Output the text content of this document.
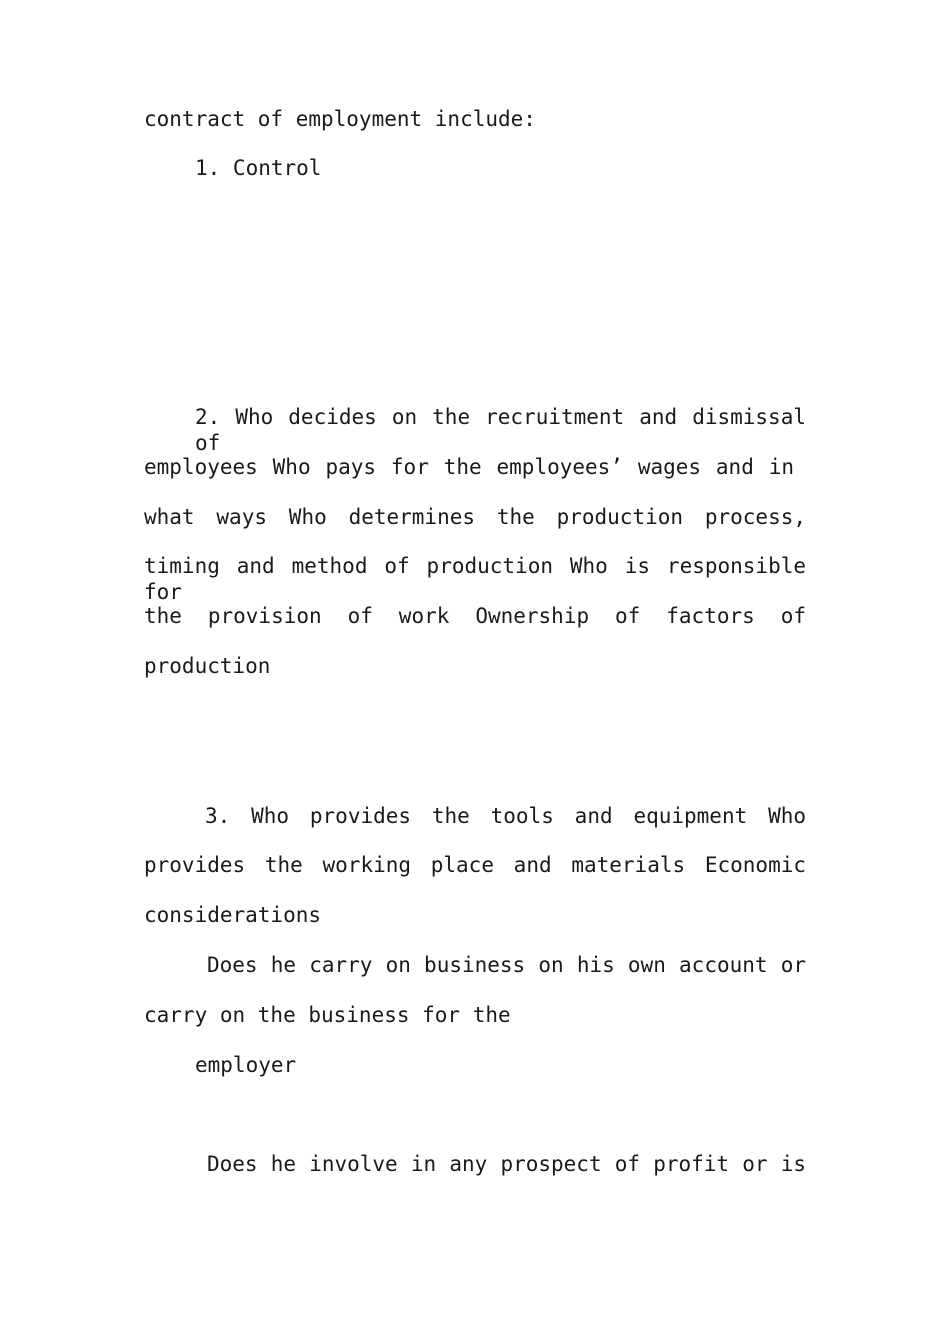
contract of employment include:

1. Control

2. Who decides on the recruitment and dismissal of

employees Who pays for the employees’ wages and in

what ways Who determines the production process,

timing and method of production Who is responsible for

the provision of work Ownership of factors of

production

3. Who provides the tools and equipment Who

provides the working place and materials Economic

considerations

Does he carry on business on his own account or

carry on the business for the

employer

Does he involve in any prospect of profit or is
